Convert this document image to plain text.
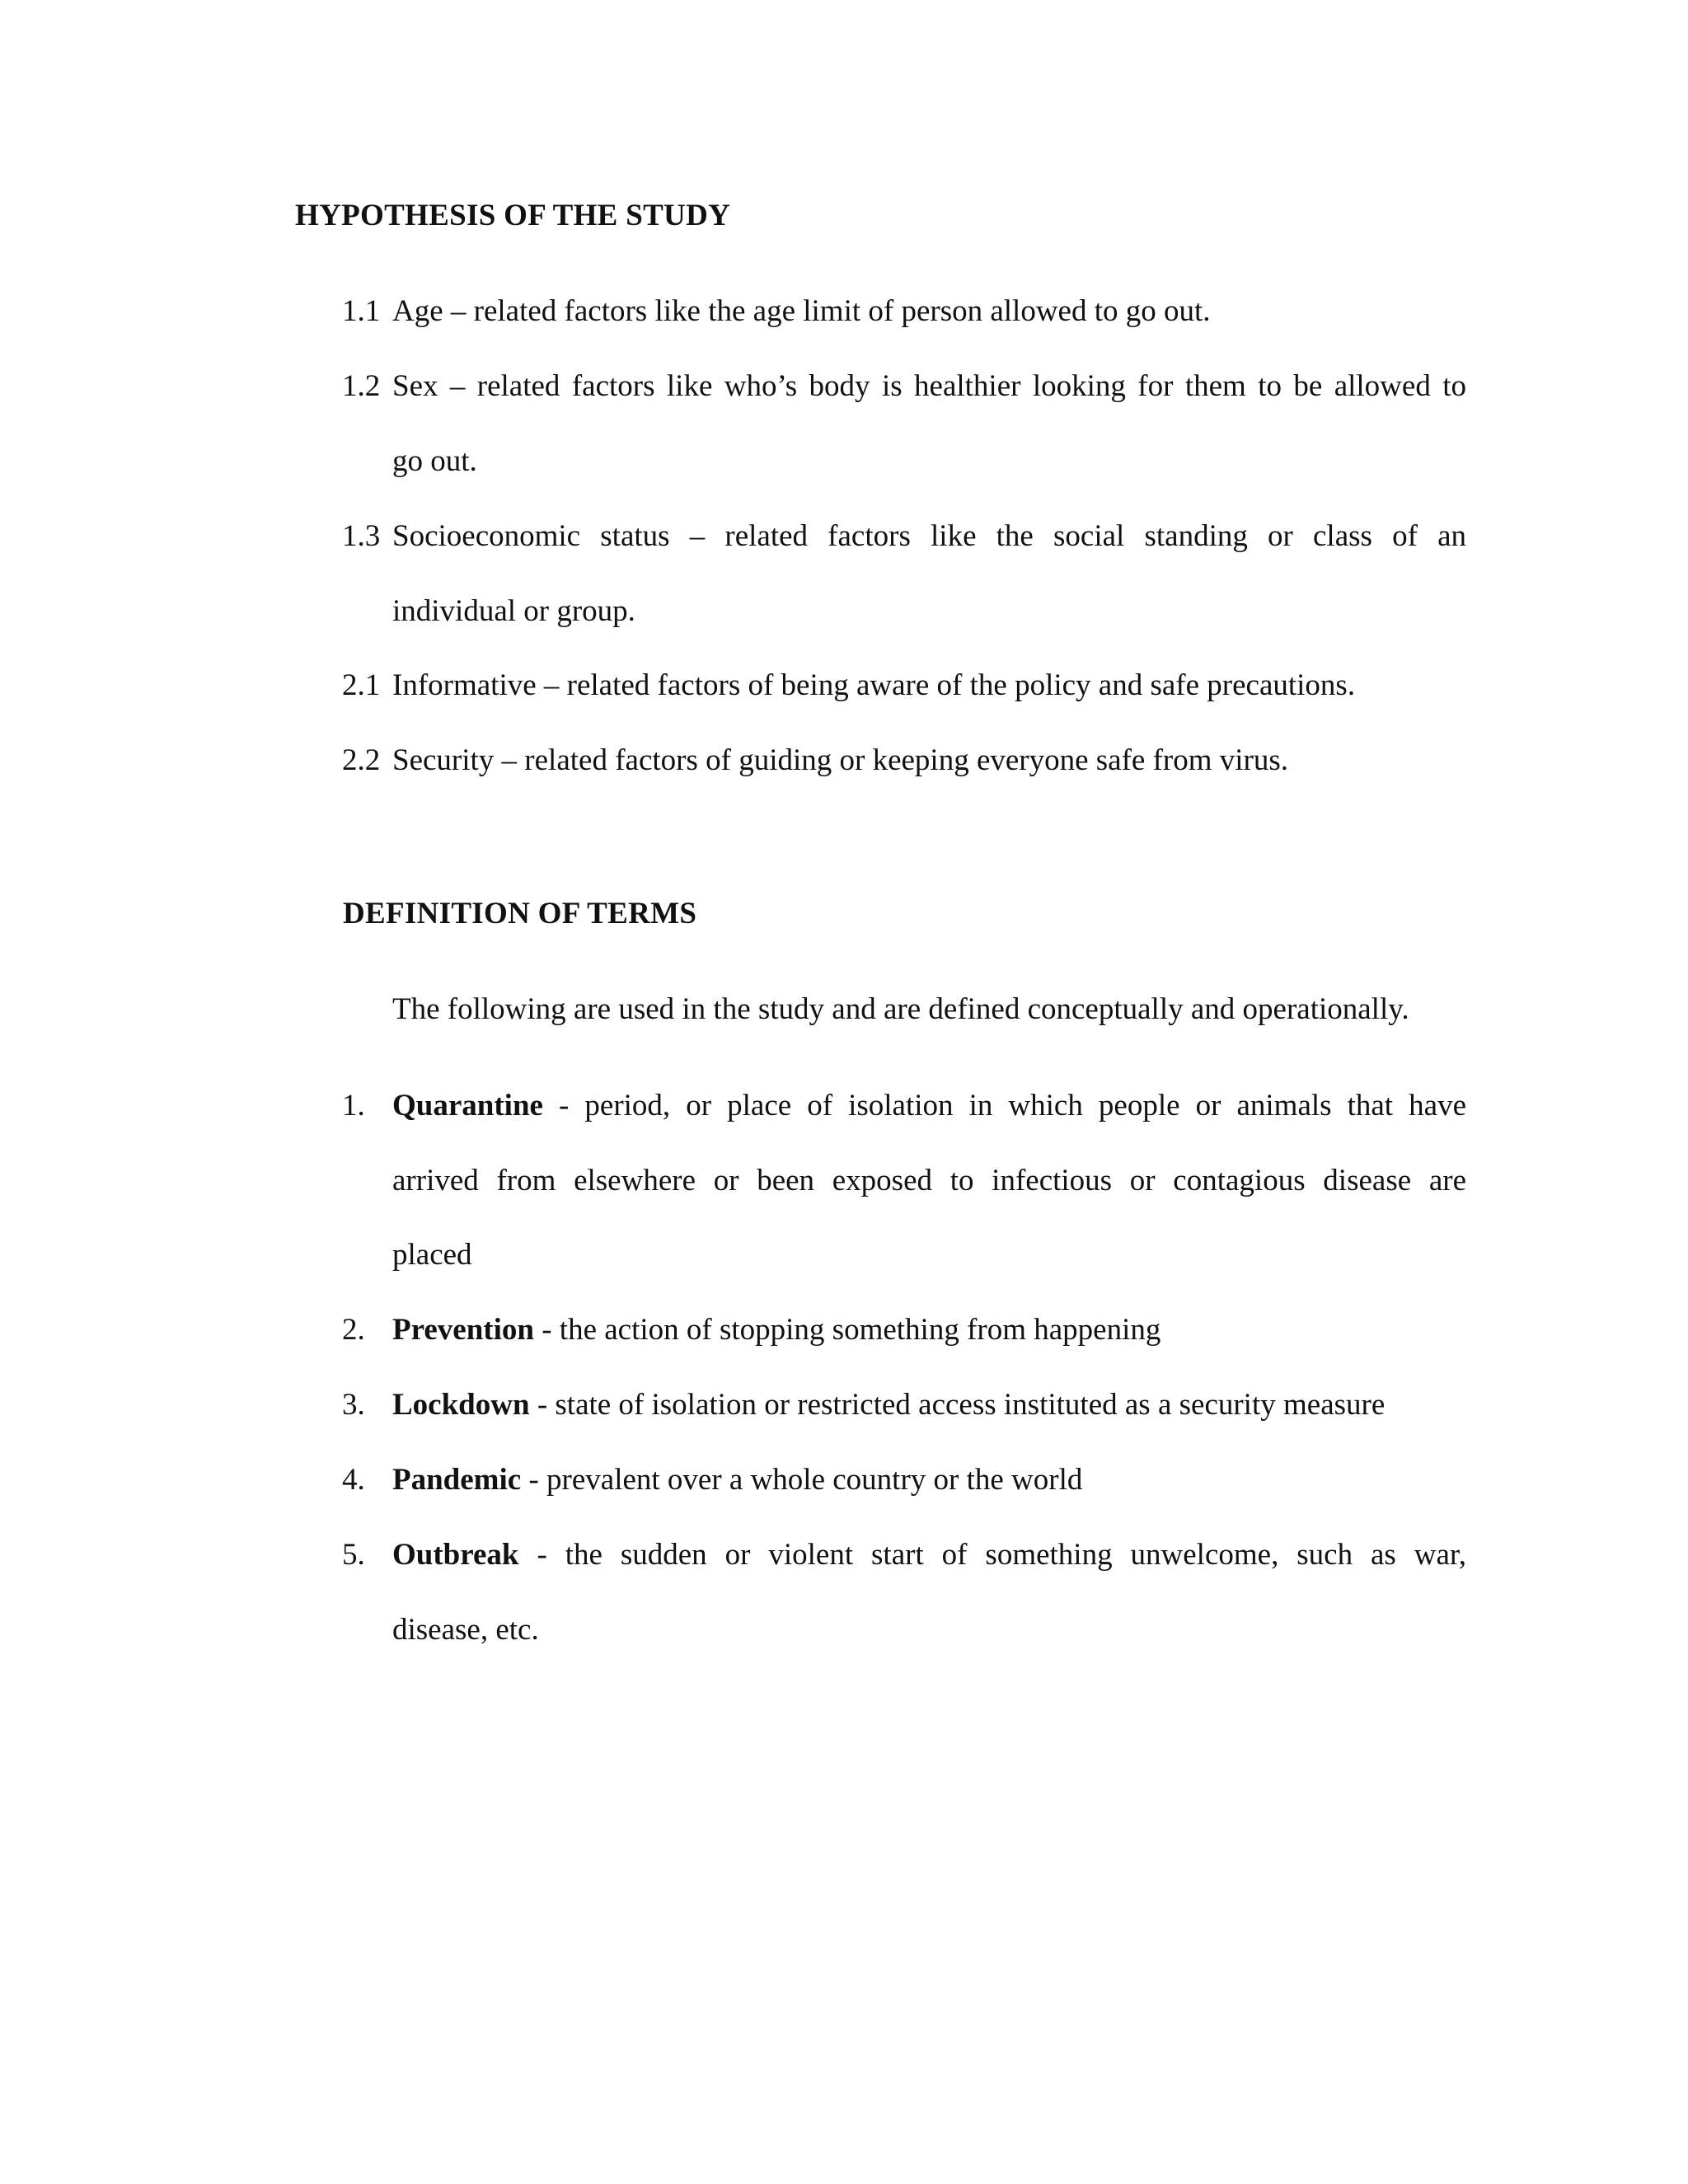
HYPOTHESIS OF THE STUDY
1.1 Age – related factors like the age limit of person allowed to go out.
1.2 Sex – related factors like who’s body is healthier looking for them to be allowed to
go out.
1.3 Socioeconomic status – related factors like the social standing or class of an
individual or group.
2.1 Informative – related factors of being aware of the policy and safe precautions.
2.2 Security – related factors of guiding or keeping everyone safe from virus.
DEFINITION OF TERMS
The following are used in the study and are defined conceptually and operationally.
1. Quarantine - period, or place of isolation in which people or animals that have
arrived from elsewhere or been exposed to infectious or contagious disease are
placed
2. Prevention - the action of stopping something from happening
3. Lockdown - state of isolation or restricted access instituted as a security measure
4. Pandemic - prevalent over a whole country or the world
5. Outbreak - the sudden or violent start of something unwelcome, such as war,
disease, etc.
